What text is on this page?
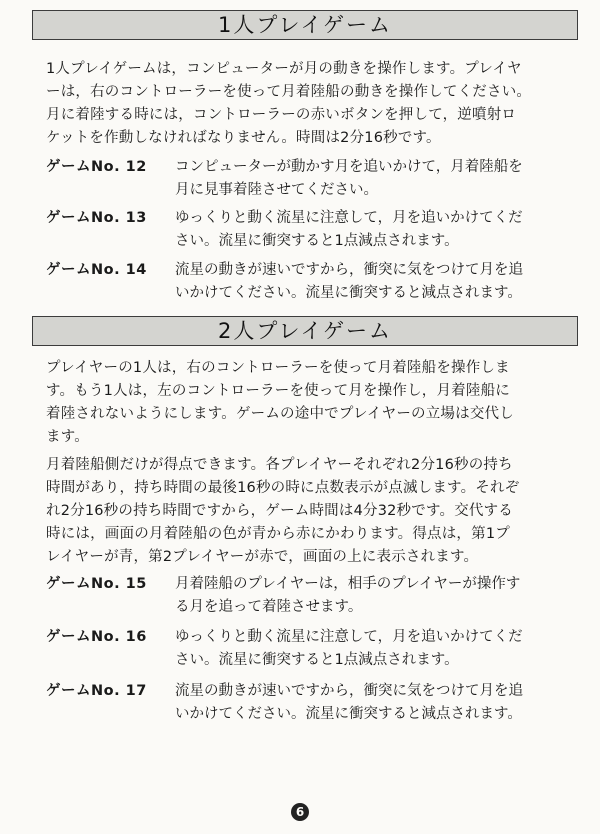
1人プレイゲーム
1人プレイゲームは，コンピューターが月の動きを操作します。プレイヤ
ーは，右のコントローラーを使って月着陸船の動きを操作してください。
月に着陸する時には，コントローラーの赤いボタンを押して，逆噴射ロ
ケットを作動しなければなりません。時間は2分16秒です。
ゲームNo. 12	コンピューターが動かす月を追いかけて，月着陸船を
月に見事着陸させてください。
ゲームNo. 13	ゆっくりと動く流星に注意して，月を追いかけてくだ
さい。流星に衝突すると1点減点されます。
ゲームNo. 14	流星の動きが速いですから，衝突に気をつけて月を追
いかけてください。流星に衝突すると減点されます。
2人プレイゲーム
プレイヤーの1人は，右のコントローラーを使って月着陸船を操作しま
す。もう1人は，左のコントローラーを使って月を操作し，月着陸船に
着陸されないようにします。ゲームの途中でプレイヤーの立場は交代し
ます。
月着陸船側だけが得点できます。各プレイヤーそれぞれ2分16秒の持ち
時間があり，持ち時間の最後16秒の時に点数表示が点滅します。それぞ
れ2分16秒の持ち時間ですから，ゲーム時間は4分32秒です。交代する
時には，画面の月着陸船の色が青から赤にかわります。得点は，第1プ
レイヤーが青，第2プレイヤーが赤で，画面の上に表示されます。
ゲームNo. 15	月着陸船のプレイヤーは，相手のプレイヤーが操作す
る月を追って着陸させます。
ゲームNo. 16	ゆっくりと動く流星に注意して，月を追いかけてくだ
さい。流星に衝突すると1点減点されます。
ゲームNo. 17	流星の動きが速いですから，衝突に気をつけて月を追
いかけてください。流星に衝突すると減点されます。
6
